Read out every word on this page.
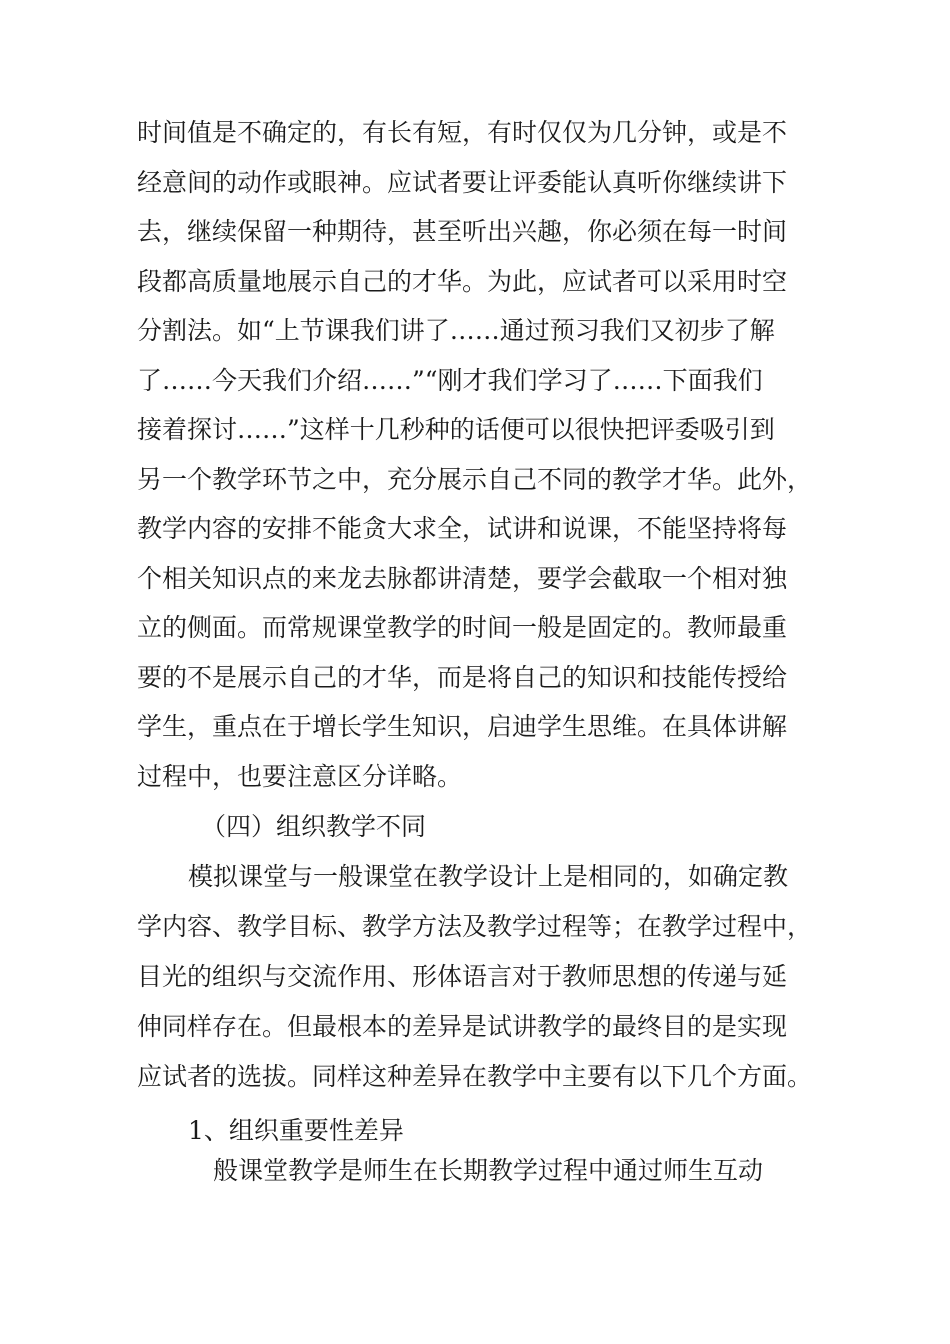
时间值是不确定的，有长有短，有时仅仅为几分钟，或是不
经意间的动作或眼神。应试者要让评委能认真听你继续讲下
去，继续保留一种期待，甚至听出兴趣，你必须在每一时间
段都高质量地展示自己的才华。为此，应试者可以采用时空
分割法。如“上节课我们讲了……通过预习我们又初步了解
了……今天我们介绍……”“刚才我们学习了……下面我们
接着探讨……”这样十几秒种的话便可以很快把评委吸引到
另一个教学环节之中，充分展示自己不同的教学才华。此外，
教学内容的安排不能贪大求全，试讲和说课，不能坚持将每
个相关知识点的来龙去脉都讲清楚，要学会截取一个相对独
立的侧面。而常规课堂教学的时间一般是固定的。教师最重
要的不是展示自己的才华，而是将自己的知识和技能传授给
学生，重点在于增长学生知识，启迪学生思维。在具体讲解
过程中，也要注意区分详略。
（四）组织教学不同
模拟课堂与一般课堂在教学设计上是相同的，如确定教
学内容、教学目标、教学方法及教学过程等；在教学过程中，
目光的组织与交流作用、形体语言对于教师思想的传递与延
伸同样存在。但最根本的差异是试讲教学的最终目的是实现
应试者的选拔。同样这种差异在教学中主要有以下几个方面。
1、组织重要性差异
般课堂教学是师生在长期教学过程中通过师生互动
